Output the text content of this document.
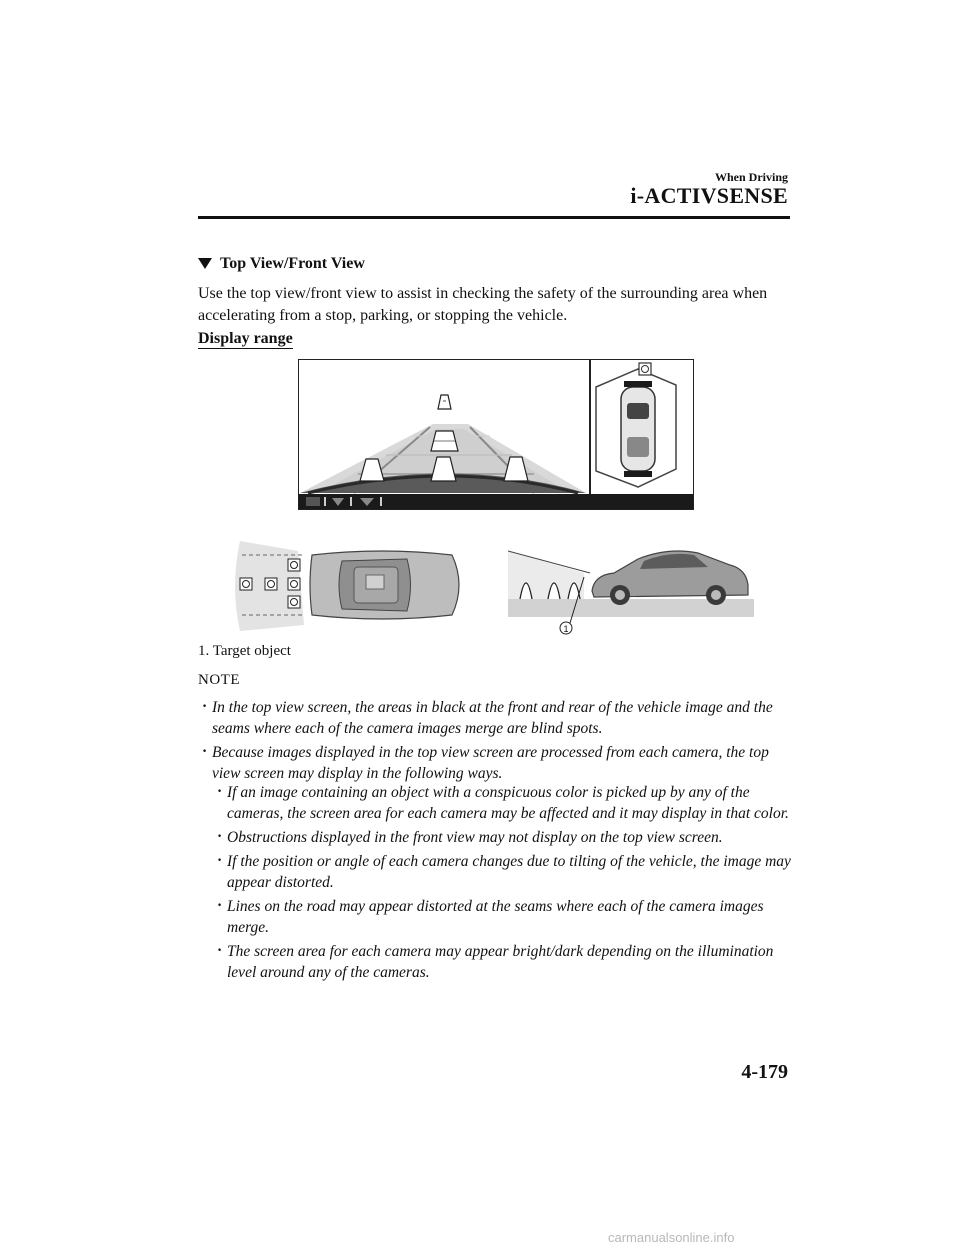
When Driving
i-ACTIVSENSE
Top View/Front View
Use the top view/front view to assist in checking the safety of the surrounding area when accelerating from a stop, parking, or stopping the vehicle.
Display range
1
1. Target object
NOTE
· In the top view screen, the areas in black at the front and rear of the vehicle image and the seams where each of the camera images merge are blind spots.
· Because images displayed in the top view screen are processed from each camera, the top view screen may display in the following ways.
· If an image containing an object with a conspicuous color is picked up by any of the cameras, the screen area for each camera may be affected and it may display in that color.
· Obstructions displayed in the front view may not display on the top view screen.
· If the position or angle of each camera changes due to tilting of the vehicle, the image may appear distorted.
· Lines on the road may appear distorted at the seams where each of the camera images merge.
· The screen area for each camera may appear bright/dark depending on the illumination level around any of the cameras.
4-179
carmanualsonline.info
